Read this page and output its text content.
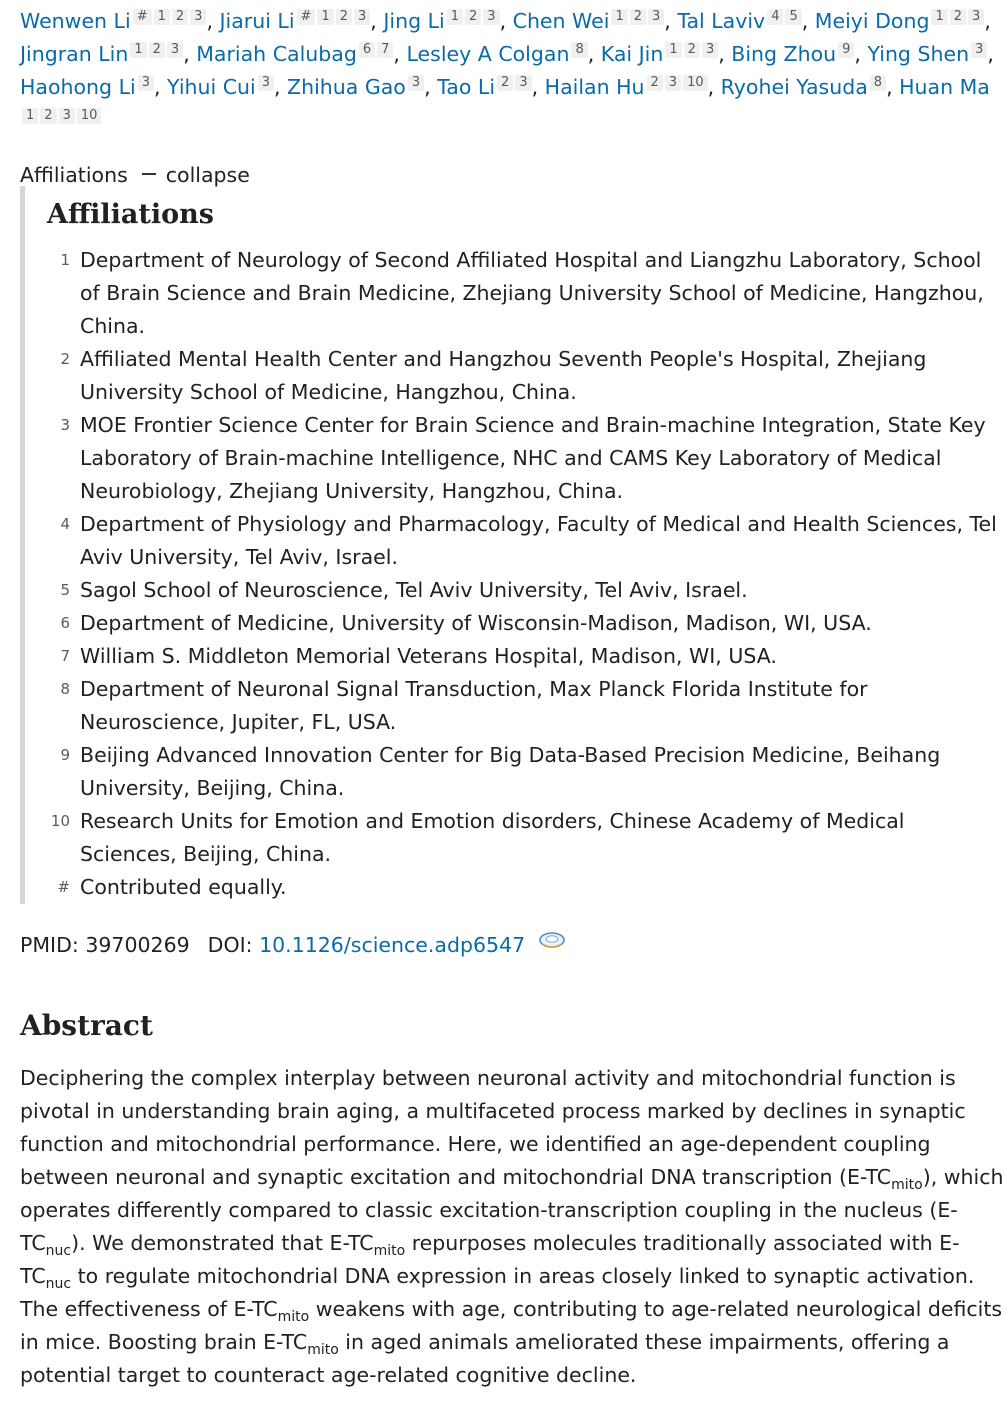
Wenwen Li # 1 2 3 , Jiarui Li # 1 2 3 , Jing Li 1 2 3 , Chen Wei 1 2 3 , Tal Laviv 4 5 , Meiyi Dong 1 2 3 , Jingran Lin 1 2 3 , Mariah Calubag 6 7 , Lesley A Colgan 8 , Kai Jin 1 2 3 , Bing Zhou 9 , Ying Shen 3 , Haohong Li 3 , Yihui Cui 3 , Zhihua Gao 3 , Tao Li 2 3 , Hailan Hu 2 3 10 , Ryohei Yasuda 8 , Huan Ma1 2 3 10
Affiliations collapse
Affiliations
1 Department of Neurology of Second Affiliated Hospital and Liangzhu Laboratory, School of Brain Science and Brain Medicine, Zhejiang University School of Medicine, Hangzhou, China.
2 Affiliated Mental Health Center and Hangzhou Seventh People's Hospital, Zhejiang University School of Medicine, Hangzhou, China.
3 MOE Frontier Science Center for Brain Science and Brain-machine Integration, State Key Laboratory of Brain-machine Intelligence, NHC and CAMS Key Laboratory of Medical Neurobiology, Zhejiang University, Hangzhou, China.
4 Department of Physiology and Pharmacology, Faculty of Medical and Health Sciences, Tel Aviv University, Tel Aviv, Israel.
5 Sagol School of Neuroscience, Tel Aviv University, Tel Aviv, Israel.
6 Department of Medicine, University of Wisconsin-Madison, Madison, WI, USA.
7 William S. Middleton Memorial Veterans Hospital, Madison, WI, USA.
8 Department of Neuronal Signal Transduction, Max Planck Florida Institute for Neuroscience, Jupiter, FL, USA.
9 Beijing Advanced Innovation Center for Big Data-Based Precision Medicine, Beihang University, Beijing, China.
10 Research Units for Emotion and Emotion disorders, Chinese Academy of Medical Sciences, Beijing, China.
# Contributed equally.
PMID: 39700269 DOI: 10.1126/science.adp6547
Abstract
Deciphering the complex interplay between neuronal activity and mitochondrial function is pivotal in understanding brain aging, a multifaceted process marked by declines in synaptic function and mitochondrial performance. Here, we identified an age-dependent coupling between neuronal and synaptic excitation and mitochondrial DNA transcription $(E-TC_{mito})$, which operates differently compared to classic excitation-transcription coupling in the nucleus $(E-TC_{nuc})$. We demonstrated that $E-TC_{mito}$ repurposes molecules traditionally associated with $E-TC_{nuc}$ to regulate mitochondrial DNA expression in areas closely linked to synaptic activation. The effectiveness of $E-TC_{mito}$ weakens with age, contributing to age-related neurological deficits in mice. Boosting brain $E-TC_{mito}$ in aged animals ameliorated these impairments, offering a potential target to counteract age-related cognitive decline.
